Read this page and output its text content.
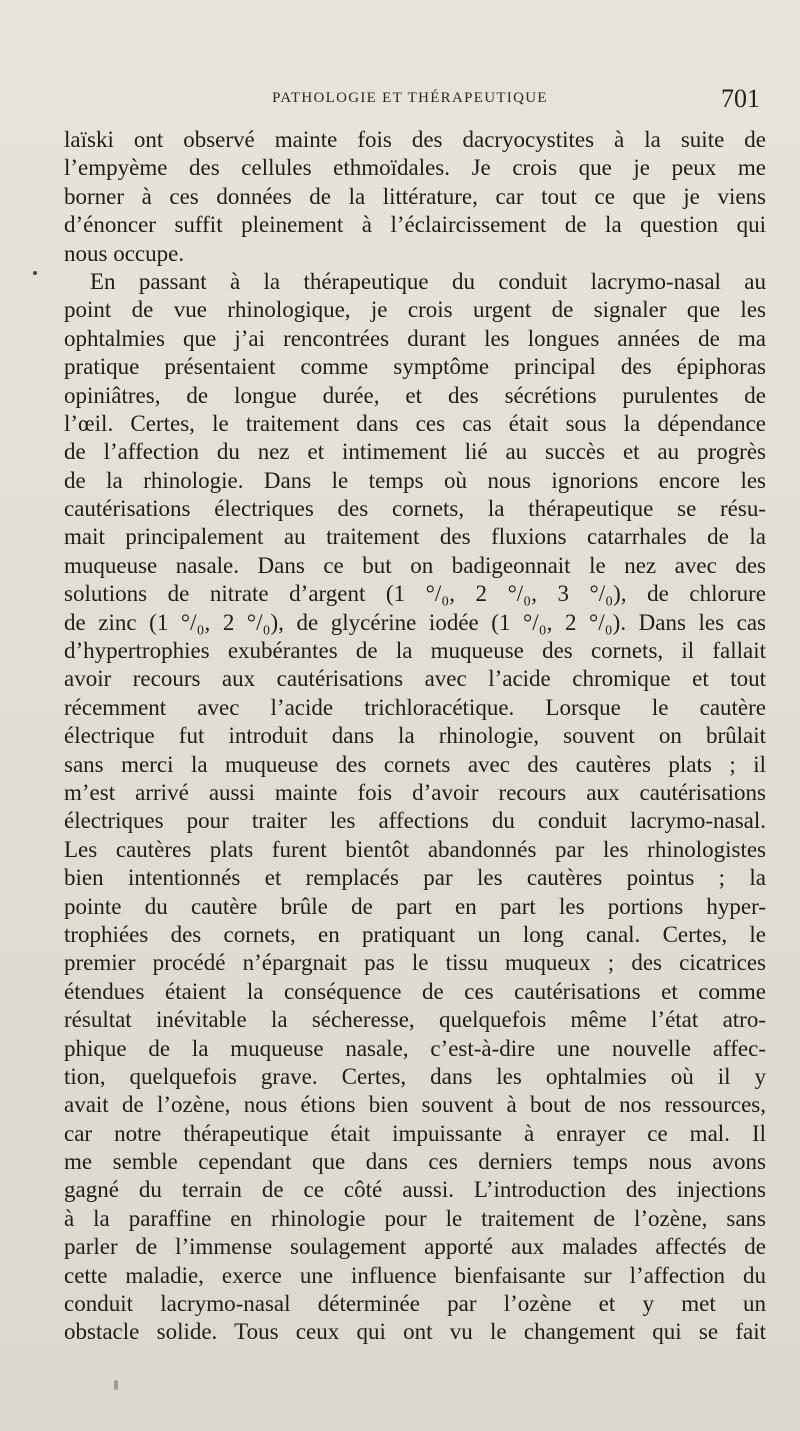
PATHOLOGIE ET THÉRAPEUTIQUE	701
laïski ont observé mainte fois des dacryocystites à la suite de
l’empyème des cellules ethmoïdales. Je crois que je peux me
borner à ces données de la littérature, car tout ce que je viens
d’énoncer suffit pleinement à l’éclaircissement de la question qui
nous occupe.
En passant à la thérapeutique du conduit lacrymo-nasal au
point de vue rhinologique, je crois urgent de signaler que les
ophtalmies que j’ai rencontrées durant les longues années de ma
pratique présentaient comme symptôme principal des épiphoras
opiniâtres, de longue durée, et des sécrétions purulentes de
l’œil. Certes, le traitement dans ces cas était sous la dépendance
de l’affection du nez et intimement lié au succès et au progrès
de la rhinologie. Dans le temps où nous ignorions encore les
cautérisations électriques des cornets, la thérapeutique se résu-
mait principalement au traitement des fluxions catarrhales de la
muqueuse nasale. Dans ce but on badigeonnait le nez avec des
solutions de nitrate d’argent (1 °/₀, 2 °/₀, 3 °/₀), de chlorure
de zinc (1 °/₀, 2 °/₀), de glycérine iodée (1 °/₀, 2 °/₀). Dans les cas
d’hypertrophies exubérantes de la muqueuse des cornets, il fallait
avoir recours aux cautérisations avec l’acide chromique et tout
récemment avec l’acide trichloracétique. Lorsque le cautère
électrique fut introduit dans la rhinologie, souvent on brûlait
sans merci la muqueuse des cornets avec des cautères plats ; il
m’est arrivé aussi mainte fois d’avoir recours aux cautérisations
électriques pour traiter les affections du conduit lacrymo-nasal.
Les cautères plats furent bientôt abandonnés par les rhinologistes
bien intentionnés et remplacés par les cautères pointus ; la
pointe du cautère brûle de part en part les portions hyper-
trophiées des cornets, en pratiquant un long canal. Certes, le
premier procédé n’épargnait pas le tissu muqueux ; des cicatrices
étendues étaient la conséquence de ces cautérisations et comme
résultat inévitable la sécheresse, quelquefois même l’état atro-
phique de la muqueuse nasale, c’est-à-dire une nouvelle affec-
tion, quelquefois grave. Certes, dans les ophtalmies où il y
avait de l’ozène, nous étions bien souvent à bout de nos ressources,
car notre thérapeutique était impuissante à enrayer ce mal. Il
me semble cependant que dans ces derniers temps nous avons
gagné du terrain de ce côté aussi. L’introduction des injections
à la paraffine en rhinologie pour le traitement de l’ozène, sans
parler de l’immense soulagement apporté aux malades affectés de
cette maladie, exerce une influence bienfaisante sur l’affection du
conduit lacrymo-nasal déterminée par l’ozène et y met un
obstacle solide. Tous ceux qui ont vu le changement qui se fait
